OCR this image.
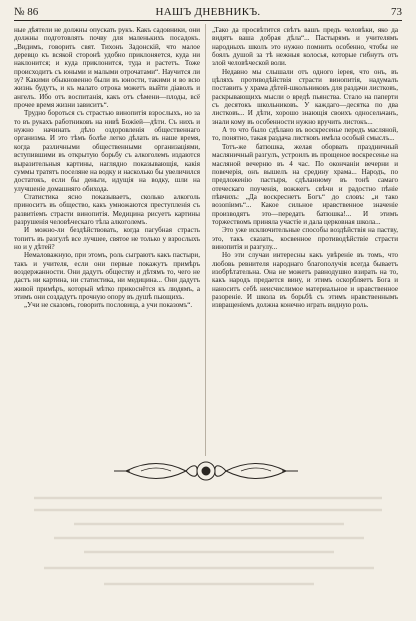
№ 86	НАШЪ ДНЕВНИКЪ.	73

ные дѣятели не должны опускать рукъ. Какъ садовники, они должны подготовлять почву для маленькихъ посадокъ. „Видимъ, говорить свят. Тихонъ Задонскій, что малое деревцо къ всякой сторонѣ удобно приклоняется, куда ни наклонится; и куда приклонится, туда и растетъ. Тоже происходитъ съ юными и малыми отрочатами“. Научится ли зу? Какими обыкновенно были въ юности, такими и во всю жизнь будутъ, и къ малато отрока можетъ выйти діаволъ и ангелъ. Ибо отъ воспитанія, какъ отъ сѣмени—плоды, всё прочее время жизни зависитъ“.

Трудно бороться съ страстью винопитія взрослыхъ, но за то въ рукахъ работниковъ на нивѣ Божіей—дѣти. Съ нихъ и нужно начинать дѣло оздоровленія общественнаго организма. И это тѣмъ болѣе легко дѣлать въ наше время, когда различными общественными организаціями, вступившими въ открытую борьбу съ алкоголемъ издаются выразительныя картины, наглядно показывающія, какія суммы тратятъ поселяне на водку и насколько бы увеличился достатокъ, если бы деньги, идущія на водку, шли на улучшеніе домашняго обихода.

Статистика ясно показываетъ, сколько алкоголь приноситъ въ общество, какъ умножаются преступленія съ развитіемъ страсти винопитія. Медицина рисуетъ картины разрушенія человѣческаго тѣла алкоголемъ.

И можно-ли бездѣйствовать, когда пагубная страсть топитъ въ разгулѣ все лучшее, святое не только у взрослыхъ но и у дѣтей?

Немаловажную, при этомъ, роль сыграютъ какъ пастыри, такъ и учителя, если они первые покажутъ примѣръ воздержанности. Они дадутъ обществу и дѣтямъ то, чего не дастъ ни картина, ни статистика, ни медицина... Они дадутъ живой примѣръ, который мѣтко прикоснётся къ людямъ, а этимъ они создадутъ прочную опору въ душѣ пьющихъ.

„Учи не сказомъ, говорить пословица, а учи показомъ“.

„Тако да просвѣтится свѣтъ вашъ предъ человѣки, яко да видятъ ваша добрая дѣла“... Пастырямъ и учителямъ народныхъ школъ это нужно помнить особенно, чтобы не боялъ душой за тѣ нежныя колосья, которые гибнутъ отъ злой человѣческой воли.

Недавно мы слышали отъ одного іерея, что онъ, въ цѣляхъ противодѣйствія страсти винопитія, надумалъ поставить у храма дѣтей-школьниковъ для раздачи листковъ, раскрывающихъ мысли о вредѣ пьянства. Стало на паперти съ десятокъ школьниковъ. У каждаго—десятка по два листковъ... И дѣти, хорошо знающія своихъ односельчанъ, знали кому въ особенности нужно вручить листокъ...

А то что было сдѣлано въ воскресенье передъ масляной, то, понятно, такая раздача листковъ имѣла особый смыслъ...

Тотъ-же батюшка, желая оборвать праздничный масляничный разгулъ, устроилъ въ прощеное воскресенье на масляной вечерню въ 4 час. По окончаніи вечерни и повечерія, онъ вышелъ на средину храма... Народъ, по предложенію пастыря, сдѣланному въ тонѣ самаго отеческаго поученія, вожжегъ свѣчи и радостно пѣніе пѣвчихъ: „Да воскреснетъ Богъ“ до словъ: „и тако возопіимъ“... Какое сильное нравственное значеніе производятъ это—передать батюшка!... И этимъ торжествомъ приняла участіе и дала церковная школа...

Это уже исключительные способы воздѣйствія на паству, это, такъ сказать, косвенное противодѣйствіе страсти винопитія и разгулу...

Но эти случаи интересны какъ увѣреніе въ томъ, что любовь ревнителя народнаго благополучія всегда бываетъ изобрѣтательна. Она не можетъ равнодушно взирать на то, какъ народъ предается вину, и этимъ оскорбляетъ Бога и наноситъ себѣ неисчислимое материальное и нравственное разореніе. И школа въ борьбѣ съ этимъ нравственнымъ извращеніемъ должна конечно играть видную роль.
